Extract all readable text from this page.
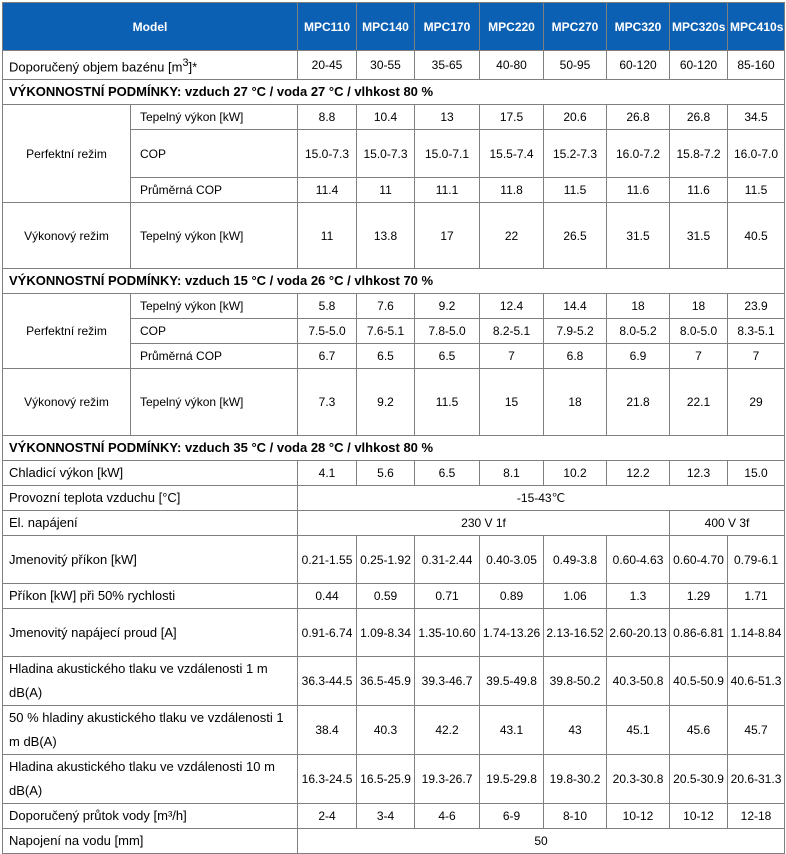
Model		MPC110	MPC140	MPC170	MPC220	MPC270	MPC320	MPC320s	MPC410s
Doporučený objem bazénu $[m^3]*$		20-45	30-55	35-65	40-80	50-95	60-120	60-120	85-160
VÝKONNOSTNÍ PODMÍNKY: vzduch 27 °C / voda 27 °C / vlhkost 80 %									
Perfektní režim	Tepelný výkon [kW]	8.8	10.4	13	17.5	20.6	26.8	26.8	34.5
	COP	15.0-7.3	15.0-7.3	15.0-7.1	15.5-7.4	15.2-7.3	16.0-7.2	15.8-7.2	16.0-7.0
	Průměrná COP	11.4	11	11.1	11.8	11.5	11.6	11.6	11.5
Výkonový režim	Tepelný výkon [kW]	11	13.8	17	22	26.5	31.5	31.5	40.5
VÝKONNOSTNÍ PODMÍNKY: vzduch 15 °C / voda 26 °C / vlhkost 70 %									
Perfektní režim	Tepelný výkon [kW]	5.8	7.6	9.2	12.4	14.4	18	18	23.9
	COP	7.5-5.0	7.6-5.1	7.8-5.0	8.2-5.1	7.9-5.2	8.0-5.2	8.0-5.0	8.3-5.1
	Průměrná COP	6.7	6.5	6.5	7	6.8	6.9	7	7
Výkonový režim	Tepelný výkon [kW]	7.3	9.2	11.5	15	18	21.8	22.1	29
VÝKONNOSTNÍ PODMÍNKY: vzduch 35 °C / voda 28 °C / vlhkost 80 %									
Chladicí výkon [kW]		4.1	5.6	6.5	8.1	10.2	12.2	12.3	15.0
Provozní teplota vzduchu [°C]		-15-43℃							
El. napájení		230 V 1f						400 V 3f	
Jmenovitý příkon [kW]		0.21-1.55	0.25-1.92	0.31-2.44	0.40-3.05	0.49-3.8	0.60-4.63	0.60-4.70	0.79-6.1
Příkon [kW] při 50% rychlosti		0.44	0.59	0.71	0.89	1.06	1.3	1.29	1.71
Jmenovitý napájecí proud [A]		0.91-6.74	1.09-8.34	1.35-10.60	1.74-13.26	2.13-16.52	2.60-20.13	0.86-6.81	1.14-8.84
Hladina akustického tlaku ve vzdálenosti 1 m dB(A)		36.3-44.5	36.5-45.9	39.3-46.7	39.5-49.8	39.8-50.2	40.3-50.8	40.5-50.9	40.6-51.3
50 % hladiny akustického tlaku ve vzdálenosti 1 m dB(A)		38.4	40.3	42.2	43.1	43	45.1	45.6	45.7
Hladina akustického tlaku ve vzdálenosti 10 m dB(A)		16.3-24.5	16.5-25.9	19.3-26.7	19.5-29.8	19.8-30.2	20.3-30.8	20.5-30.9	20.6-31.3
Doporučený průtok vody [m³/h]		2-4	3-4	4-6	6-9	8-10	10-12	10-12	12-18
Napojení na vodu [mm]		50							
